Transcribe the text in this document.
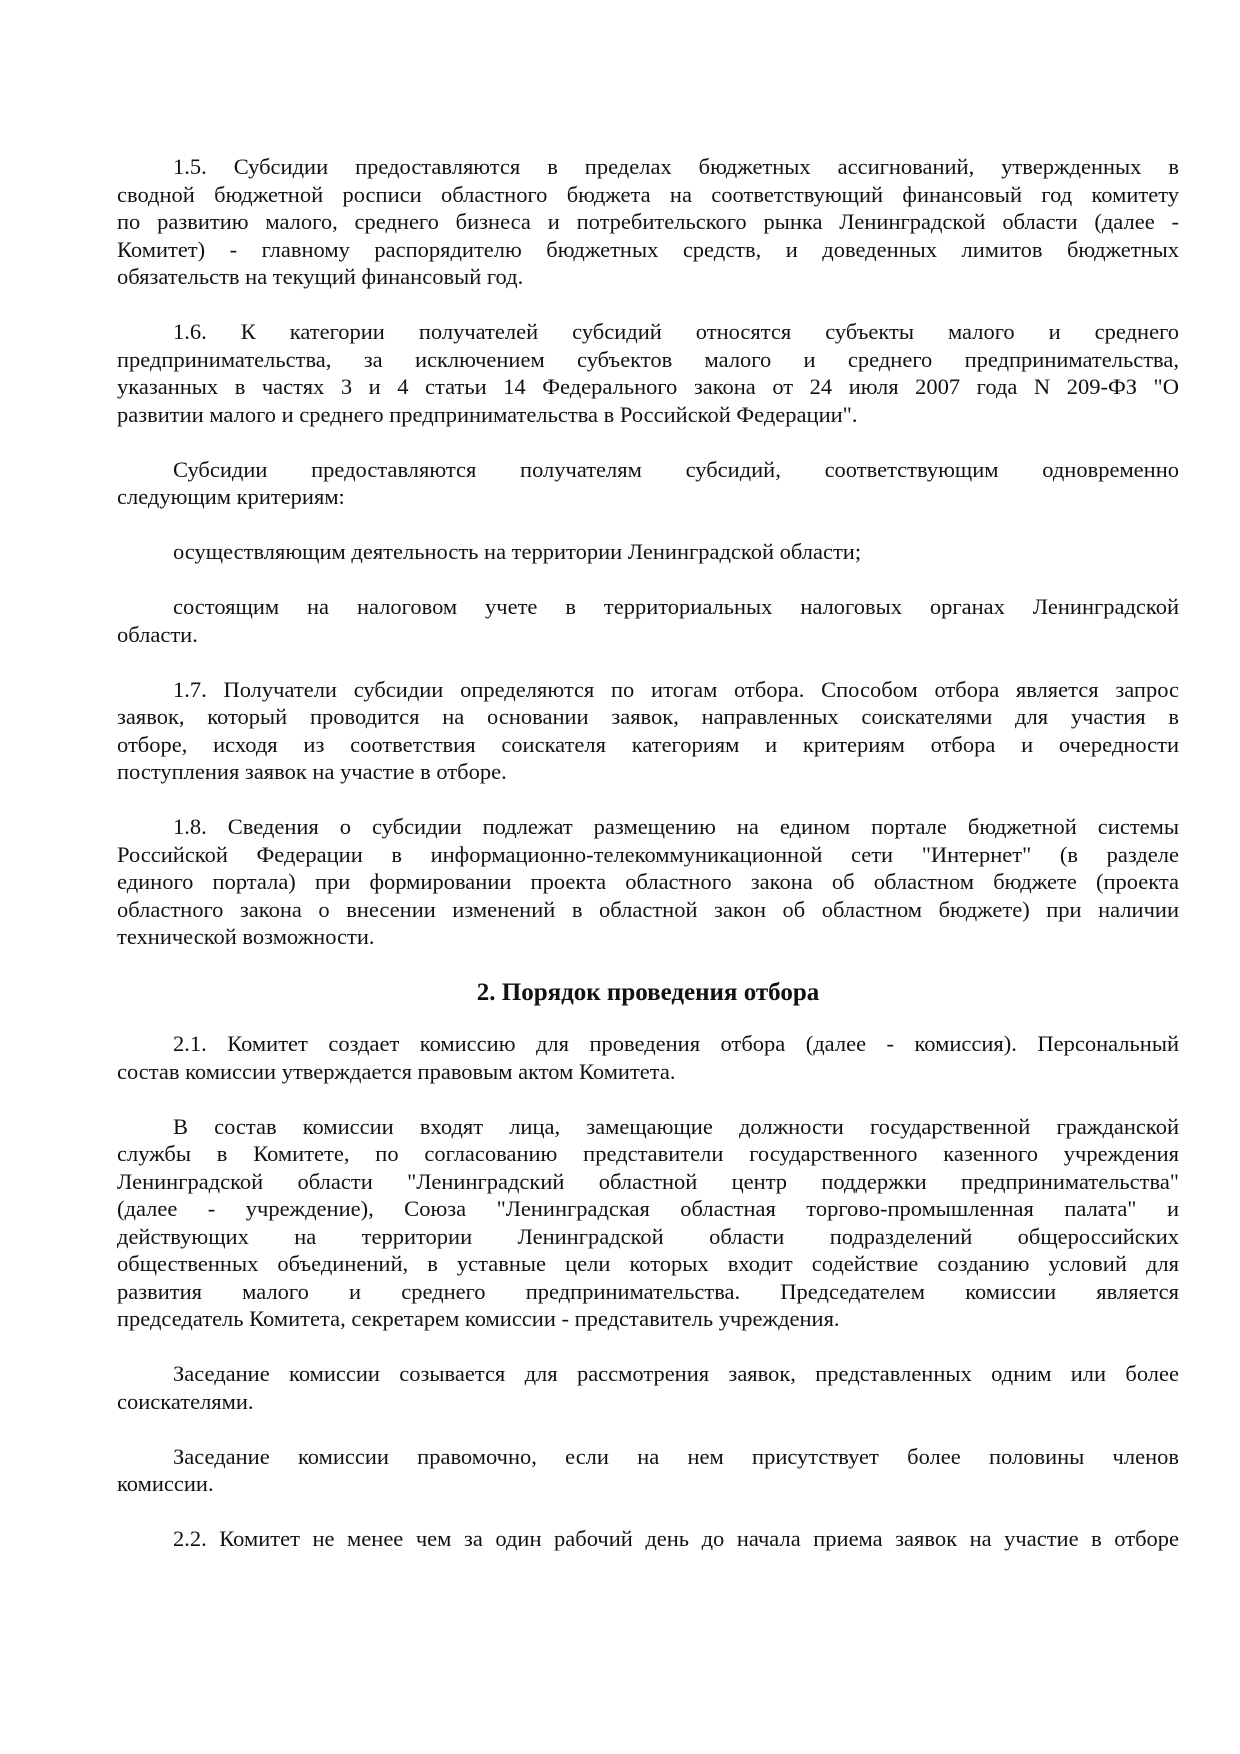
1.5. Субсидии предоставляются в пределах бюджетных ассигнований, утвержденных в
сводной бюджетной росписи областного бюджета на соответствующий финансовый год комитету
по развитию малого, среднего бизнеса и потребительского рынка Ленинградской области (далее -
Комитет) - главному распорядителю бюджетных средств, и доведенных лимитов бюджетных
обязательств на текущий финансовый год.
1.6. К категории получателей субсидий относятся субъекты малого и среднего
предпринимательства, за исключением субъектов малого и среднего предпринимательства,
указанных в частях 3 и 4 статьи 14 Федерального закона от 24 июля 2007 года N 209-ФЗ "О
развитии малого и среднего предпринимательства в Российской Федерации".
Субсидии предоставляются получателям субсидий, соответствующим одновременно
следующим критериям:
осуществляющим деятельность на территории Ленинградской области;
состоящим на налоговом учете в территориальных налоговых органах Ленинградской
области.
1.7. Получатели субсидии определяются по итогам отбора. Способом отбора является запрос
заявок, который проводится на основании заявок, направленных соискателями для участия в
отборе, исходя из соответствия соискателя категориям и критериям отбора и очередности
поступления заявок на участие в отборе.
1.8. Сведения о субсидии подлежат размещению на едином портале бюджетной системы
Российской Федерации в информационно-телекоммуникационной сети "Интернет" (в разделе
единого портала) при формировании проекта областного закона об областном бюджете (проекта
областного закона о внесении изменений в областной закон об областном бюджете) при наличии
технической возможности.
2. Порядок проведения отбора
2.1. Комитет создает комиссию для проведения отбора (далее - комиссия). Персональный
состав комиссии утверждается правовым актом Комитета.
В состав комиссии входят лица, замещающие должности государственной гражданской
службы в Комитете, по согласованию представители государственного казенного учреждения
Ленинградской области "Ленинградский областной центр поддержки предпринимательства"
(далее - учреждение), Союза "Ленинградская областная торгово-промышленная палата" и
действующих на территории Ленинградской области подразделений общероссийских
общественных объединений, в уставные цели которых входит содействие созданию условий для
развития малого и среднего предпринимательства. Председателем комиссии является
председатель Комитета, секретарем комиссии - представитель учреждения.
Заседание комиссии созывается для рассмотрения заявок, представленных одним или более
соискателями.
Заседание комиссии правомочно, если на нем присутствует более половины членов
комиссии.
2.2. Комитет не менее чем за один рабочий день до начала приема заявок на участие в отборе
